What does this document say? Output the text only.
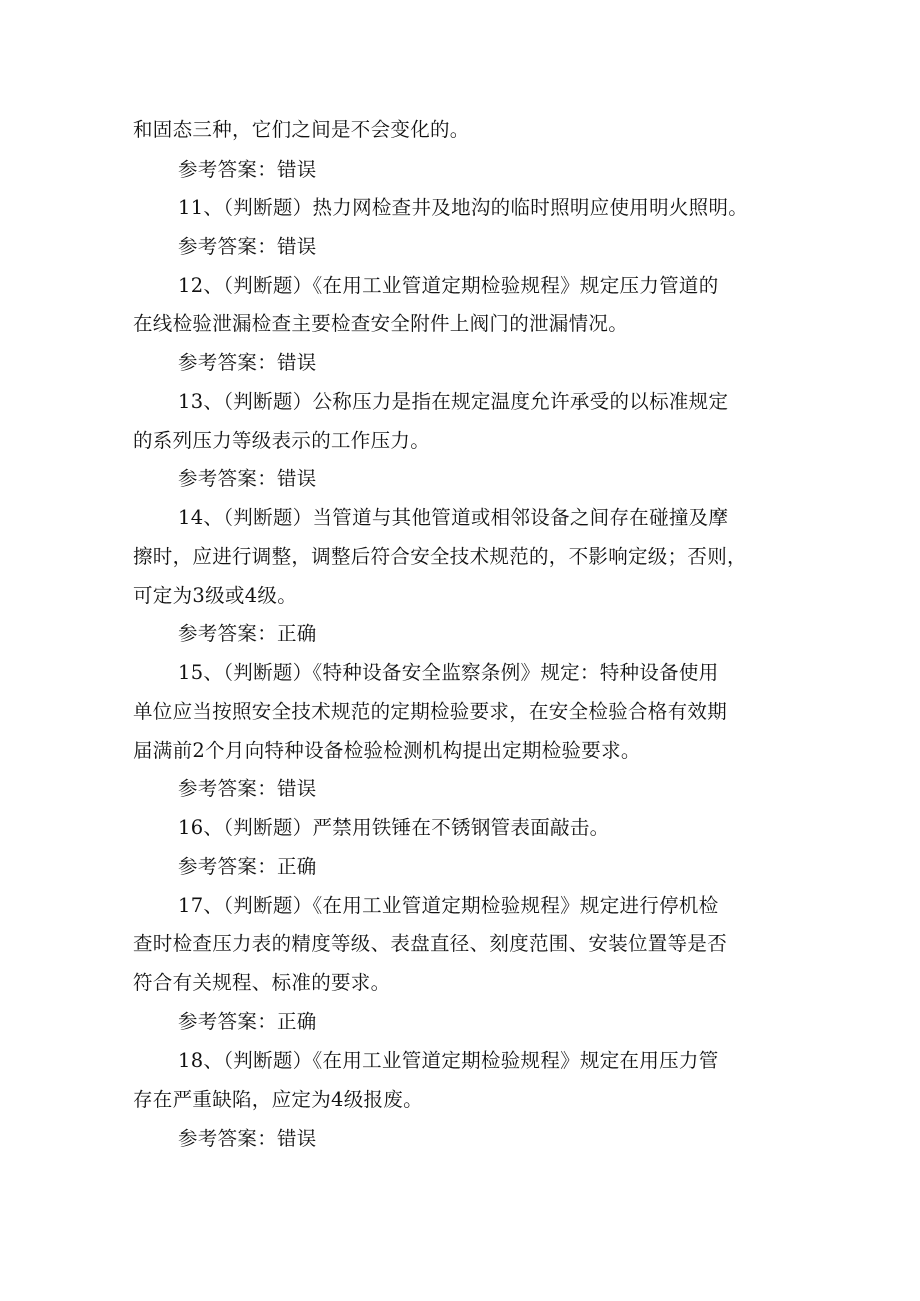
和固态三种，它们之间是不会变化的。
参考答案：错误
11、（判断题）热力网检查井及地沟的临时照明应使用明火照明。
参考答案：错误
12、（判断题）《在用工业管道定期检验规程》规定压力管道的
在线检验泄漏检查主要检查安全附件上阀门的泄漏情况。
参考答案：错误
13、（判断题）公称压力是指在规定温度允许承受的以标准规定
的系列压力等级表示的工作压力。
参考答案：错误
14、（判断题）当管道与其他管道或相邻设备之间存在碰撞及摩
擦时，应进行调整，调整后符合安全技术规范的，不影响定级；否则，
可定为3级或4级。
参考答案：正确
15、（判断题）《特种设备安全监察条例》规定：特种设备使用
单位应当按照安全技术规范的定期检验要求，在安全检验合格有效期
届满前2个月向特种设备检验检测机构提出定期检验要求。
参考答案：错误
16、（判断题）严禁用铁锤在不锈钢管表面敲击。
参考答案：正确
17、（判断题）《在用工业管道定期检验规程》规定进行停机检
查时检查压力表的精度等级、表盘直径、刻度范围、安装位置等是否
符合有关规程、标准的要求。
参考答案：正确
18、（判断题）《在用工业管道定期检验规程》规定在用压力管
存在严重缺陷，应定为4级报废。
参考答案：错误
